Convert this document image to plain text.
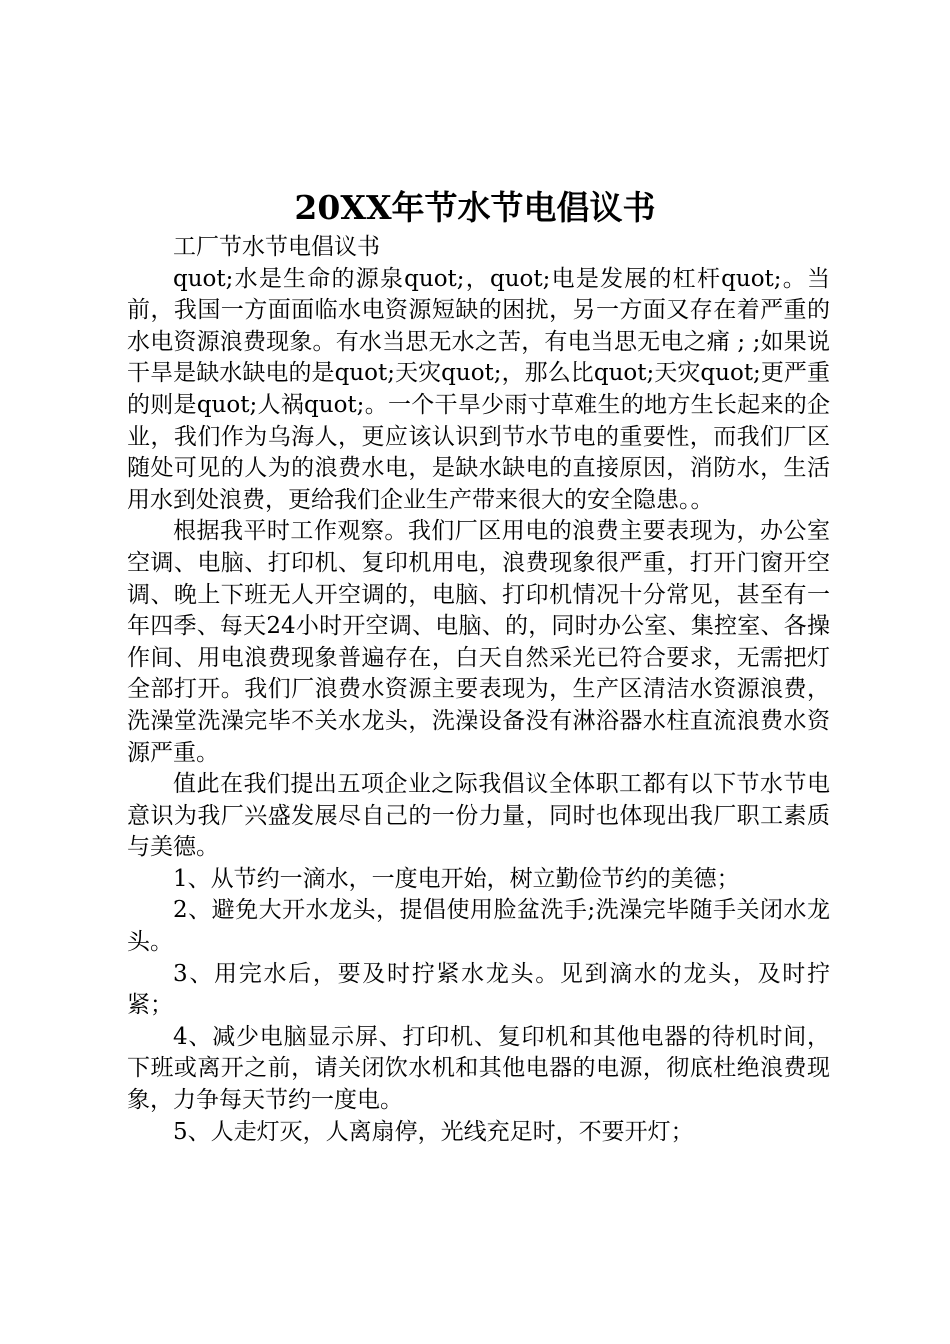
20XX年节水节电倡议书

工厂节水节电倡议书

quot;水是生命的源泉quot;，quot;电是发展的杠杆quot;。当前，我国一方面面临水电资源短缺的困扰，另一方面又存在着严重的水电资源浪费现象。有水当思无水之苦，有电当思无电之痛 ; ;如果说干旱是缺水缺电的是quot;天灾quot;，那么比quot;天灾quot;更严重的则是quot;人祸quot;。一个干旱少雨寸草难生的地方生长起来的企业，我们作为乌海人，更应该认识到节水节电的重要性，而我们厂区随处可见的人为的浪费水电，是缺水缺电的直接原因，消防水，生活用水到处浪费，更给我们企业生产带来很大的安全隐患。。

根据我平时工作观察。我们厂区用电的浪费主要表现为，办公室空调、电脑、打印机、复印机用电，浪费现象很严重，打开门窗开空调、晚上下班无人开空调的，电脑、打印机情况十分常见，甚至有一年四季、每天24小时开空调、电脑、的，同时办公室、集控室、各操作间、用电浪费现象普遍存在，白天自然采光已符合要求，无需把灯全部打开。我们厂浪费水资源主要表现为，生产区清洁水资源浪费，洗澡堂洗澡完毕不关水龙头，洗澡设备没有淋浴器水柱直流浪费水资源严重。

值此在我们提出五项企业之际我倡议全体职工都有以下节水节电意识为我厂兴盛发展尽自己的一份力量，同时也体现出我厂职工素质与美德。

1、从节约一滴水，一度电开始，树立勤俭节约的美德；

2、避免大开水龙头，提倡使用脸盆洗手;洗澡完毕随手关闭水龙头。

3、用完水后，要及时拧紧水龙头。见到滴水的龙头，及时拧紧；

4、减少电脑显示屏、打印机、复印机和其他电器的待机时间，下班或离开之前，请关闭饮水机和其他电器的电源，彻底杜绝浪费现象，力争每天节约一度电。

5、人走灯灭，人离扇停，光线充足时，不要开灯；
